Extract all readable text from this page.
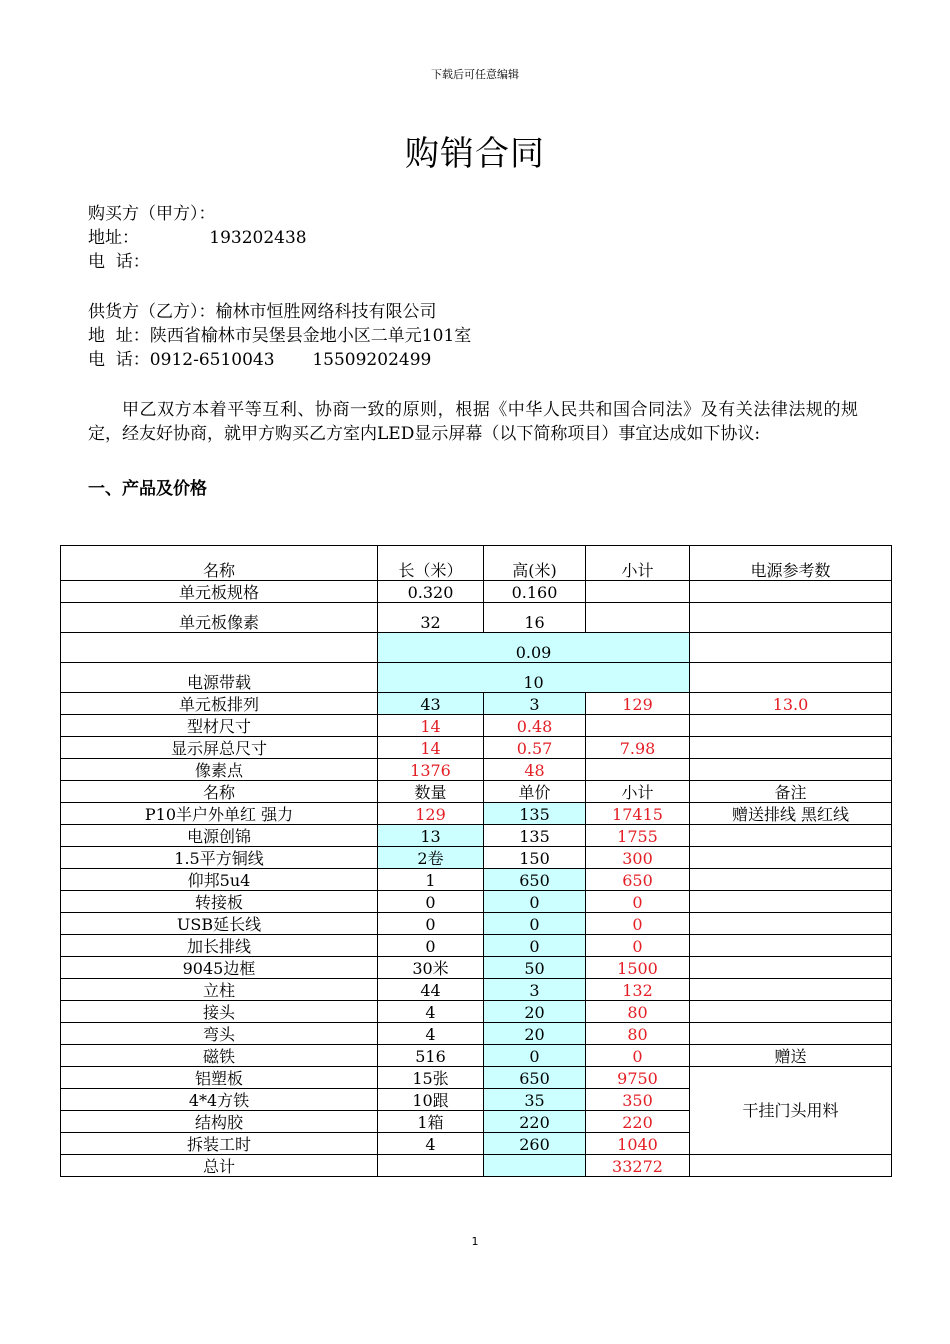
下载后可任意编辑
购销合同
购买方（甲方）：
地址：             193202438
电  话：
供货方（乙方）：榆林市恒胜网络科技有限公司
地  址：陕西省榆林市吴堡县金地小区二单元101室
电  话：0912-6510043       15509202499
甲乙双方本着平等互利、协商一致的原则，根据《中华人民共和国合同法》及有关法律法规的规定，经友好协商，就甲方购买乙方室内LED显示屏幕（以下简称项目）事宜达成如下协议:
一、产品及价格
名称	长（米）	高(米)	小计	电源参考数
单元板规格	0.320	0.160		
单元板像素	32	16		
	0.09			
电源带载	10			
单元板排列	43	3	129	13.0
型材尺寸	14	0.48		
显示屏总尺寸	14	0.57	7.98	
像素点	1376	48		
名称	数量	单价	小计	备注
P10半户外单红 强力	129	135	17415	赠送排线 黑红线
电源创锦	13	135	1755	
1.5平方铜线	2卷	150	300	
仰邦5u4	1	650	650	
转接板	0	0	0	
USB延长线	0	0	0	
加长排线	0	0	0	
9045边框	30米	50	1500	
立柱	44	3	132	
接头	4	20	80	
弯头	4	20	80	
磁铁	516	0	0	赠送
铝塑板	15张	650	9750	干挂门头用料
4*4方铁	10跟	35	350	
结构胶	1箱	220	220	
拆装工时	4	260	1040	
总计			33272	
1
